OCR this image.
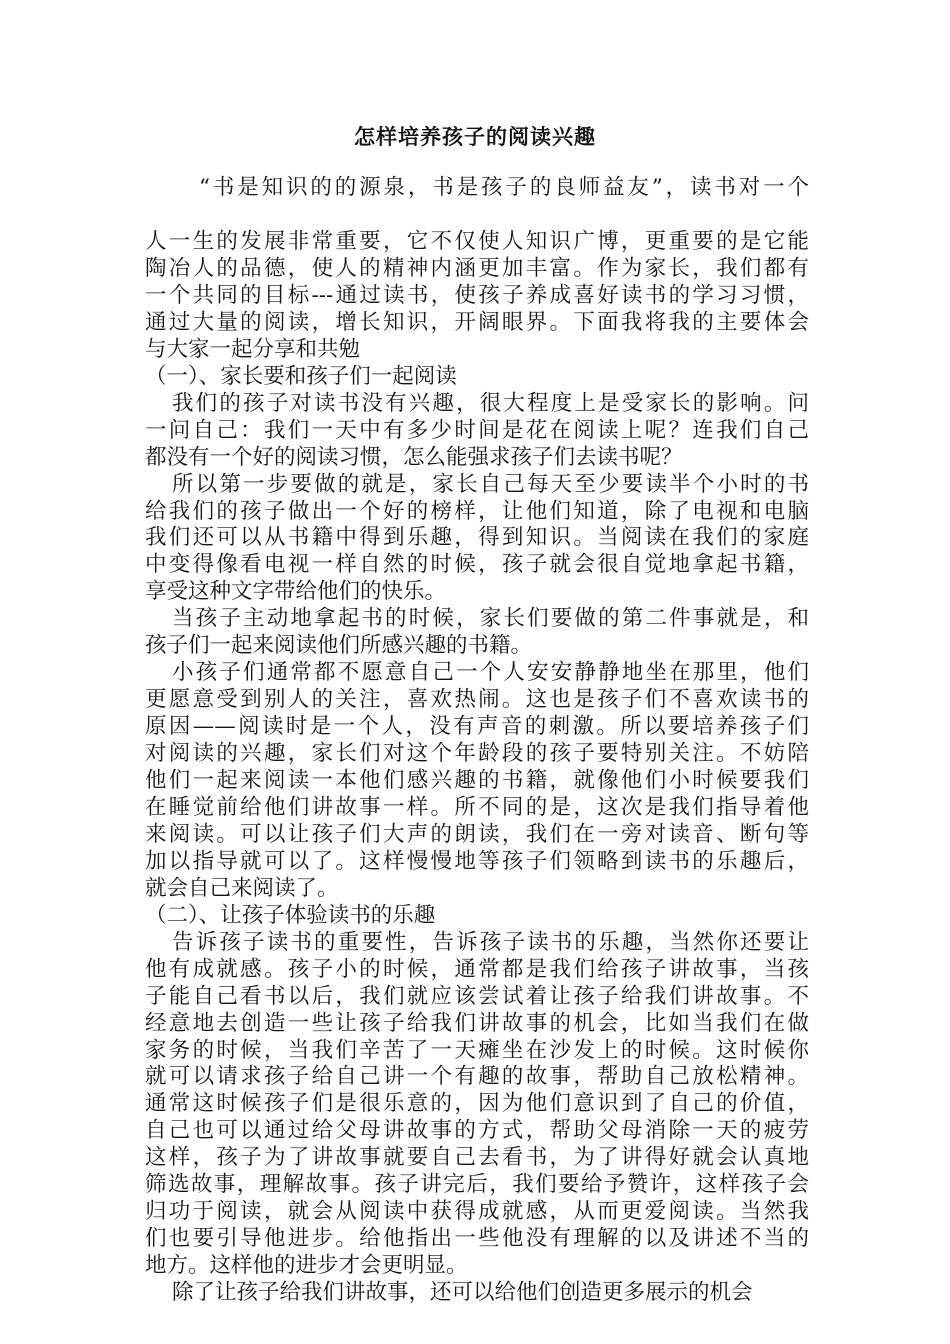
怎样培养孩子的阅读兴趣

“书是知识的的源泉，书是孩子的良师益友”，读书对一个

人一生的发展非常重要，它不仅使人知识广博，更重要的是它能

陶冶人的品德，使人的精神内涵更加丰富。作为家长，我们都有

一个共同的目标---通过读书，使孩子养成喜好读书的学习习惯，

通过大量的阅读，增长知识，开阔眼界。下面我将我的主要体会

与大家一起分享和共勉

（一）、家长要和孩子们一起阅读

我们的孩子对读书没有兴趣，很大程度上是受家长的影响。问

一问自己：我们一天中有多少时间是花在阅读上呢？连我们自己

都没有一个好的阅读习惯，怎么能强求孩子们去读书呢？

所以第一步要做的就是，家长自己每天至少要读半个小时的书

给我们的孩子做出一个好的榜样，让他们知道，除了电视和电脑

我们还可以从书籍中得到乐趣，得到知识。当阅读在我们的家庭

中变得像看电视一样自然的时候，孩子就会很自觉地拿起书籍，

享受这种文字带给他们的快乐。

当孩子主动地拿起书的时候，家长们要做的第二件事就是，和

孩子们一起来阅读他们所感兴趣的书籍。

小孩子们通常都不愿意自己一个人安安静静地坐在那里，他们

更愿意受到别人的关注，喜欢热闹。这也是孩子们不喜欢读书的

原因——阅读时是一个人，没有声音的刺激。所以要培养孩子们

对阅读的兴趣，家长们对这个年龄段的孩子要特别关注。不妨陪

他们一起来阅读一本他们感兴趣的书籍，就像他们小时候要我们

在睡觉前给他们讲故事一样。所不同的是，这次是我们指导着他

来阅读。可以让孩子们大声的朗读，我们在一旁对读音、断句等

加以指导就可以了。这样慢慢地等孩子们领略到读书的乐趣后，

就会自己来阅读了。

（二）、让孩子体验读书的乐趣

告诉孩子读书的重要性，告诉孩子读书的乐趣，当然你还要让

他有成就感。孩子小的时候，通常都是我们给孩子讲故事，当孩

子能自己看书以后，我们就应该尝试着让孩子给我们讲故事。不

经意地去创造一些让孩子给我们讲故事的机会，比如当我们在做

家务的时候，当我们辛苦了一天瘫坐在沙发上的时候。这时候你

就可以请求孩子给自己讲一个有趣的故事，帮助自己放松精神。

通常这时候孩子们是很乐意的，因为他们意识到了自己的价值，

自己也可以通过给父母讲故事的方式，帮助父母消除一天的疲劳

这样，孩子为了讲故事就要自己去看书，为了讲得好就会认真地

筛选故事，理解故事。孩子讲完后，我们要给予赞许，这样孩子会

归功于阅读，就会从阅读中获得成就感，从而更爱阅读。当然我

们也要引导他进步。给他指出一些他没有理解的以及讲述不当的

地方。这样他的进步才会更明显。

除了让孩子给我们讲故事，还可以给他们创造更多展示的机会
